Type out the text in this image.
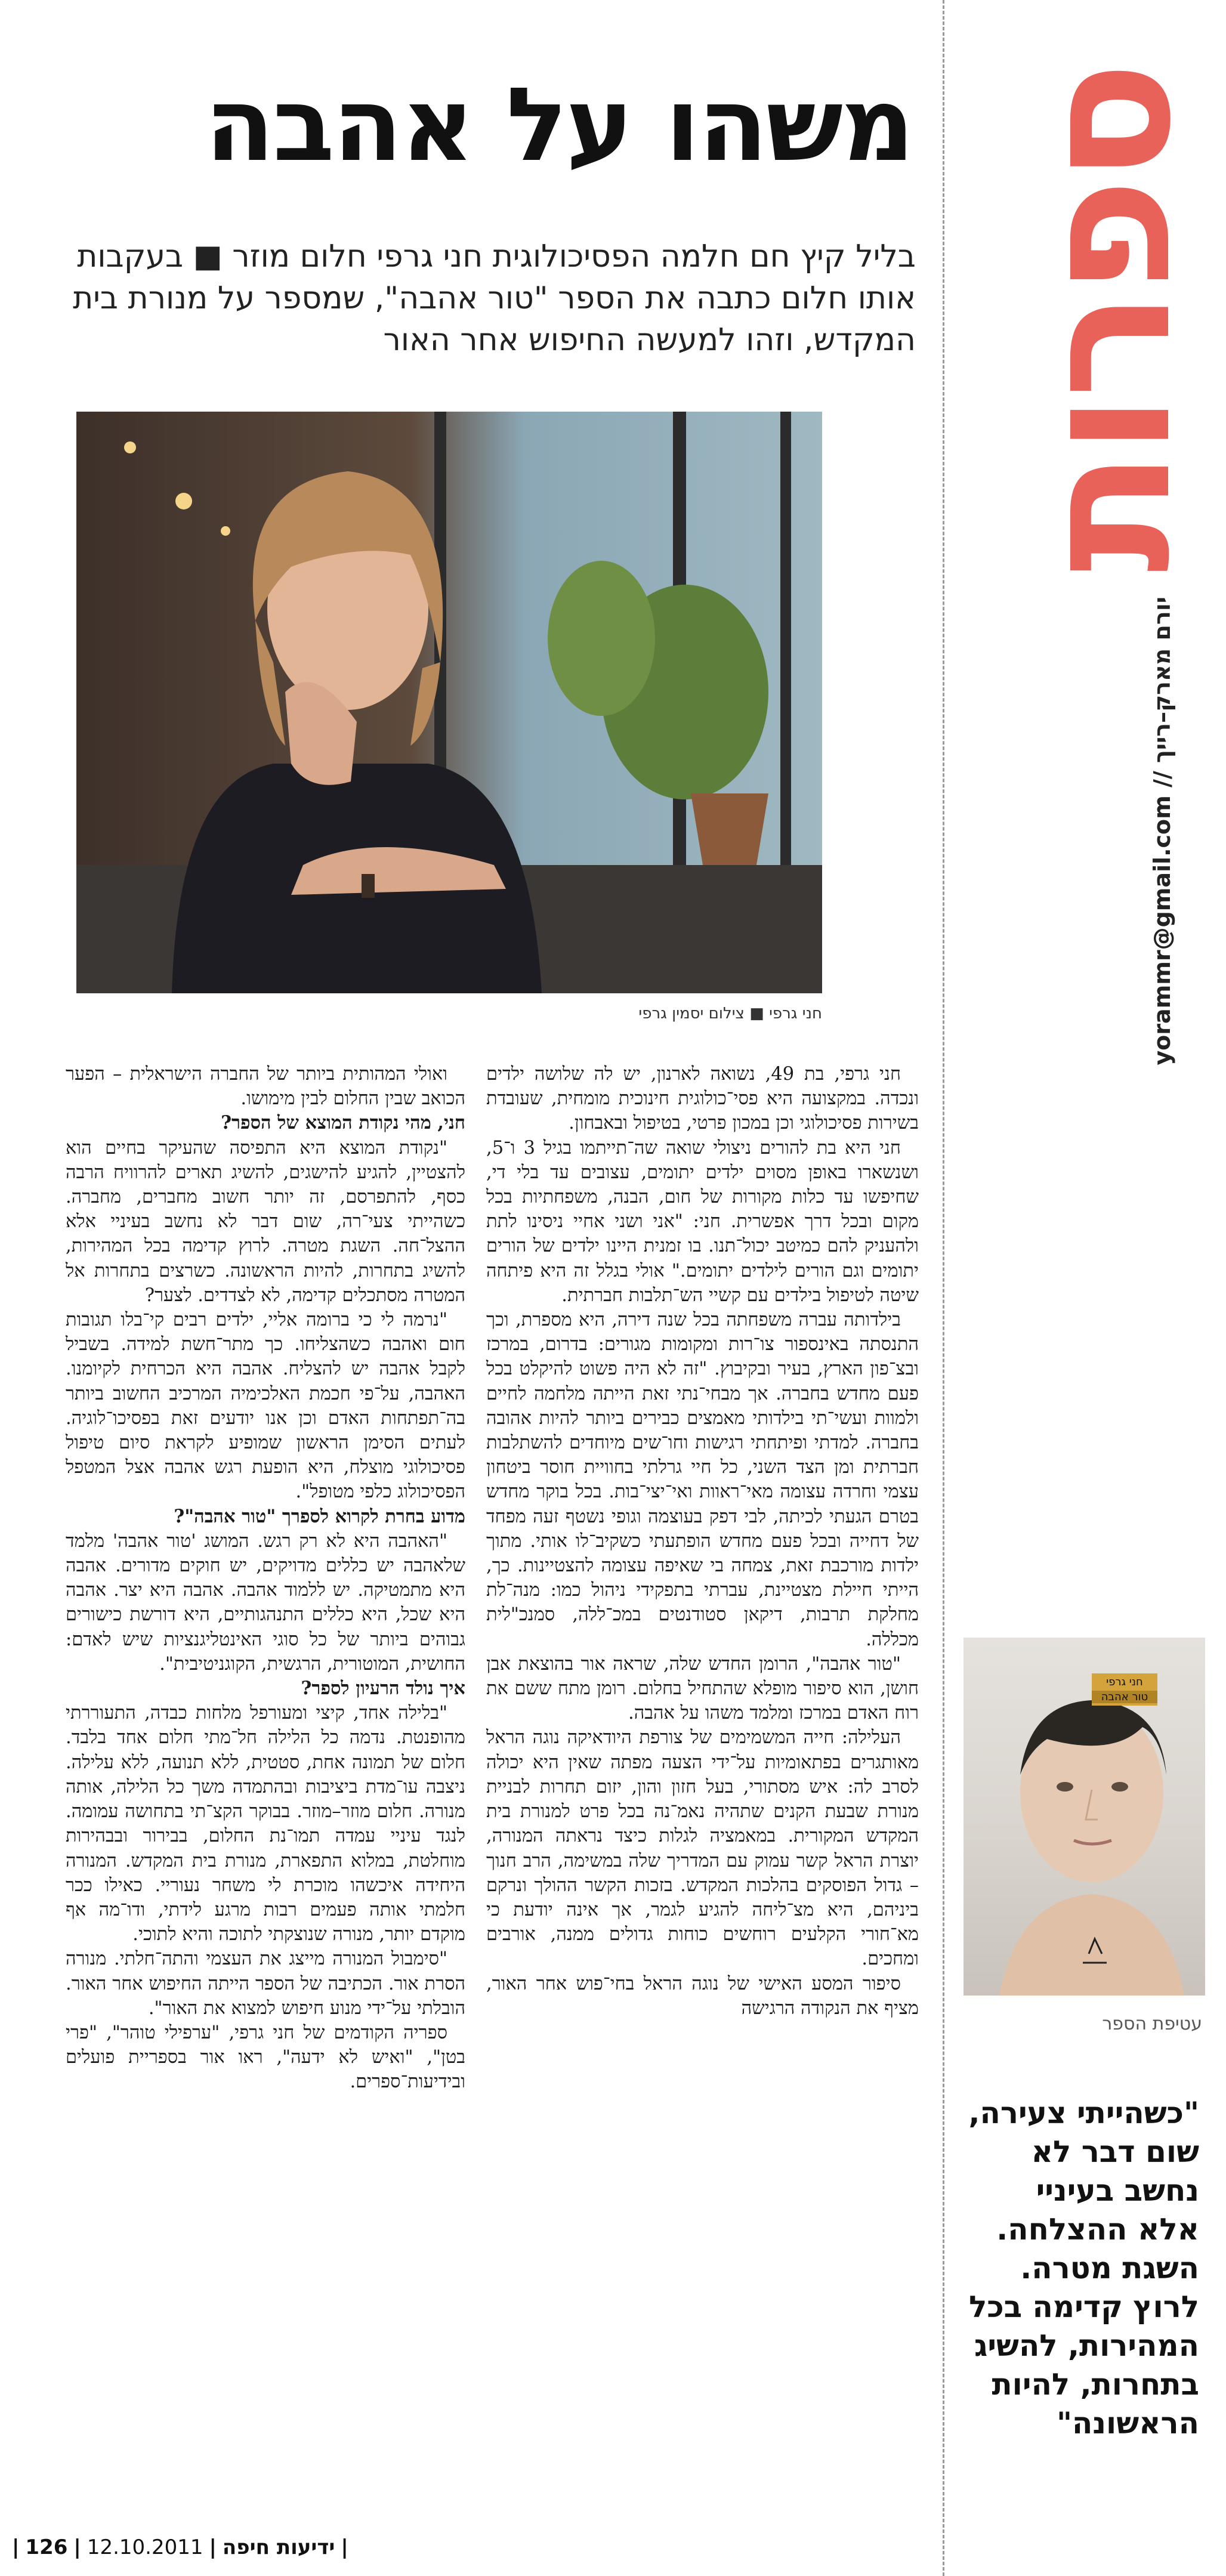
ספרות
יורם מארק–רייך // yorammr@gmail.com
חני גרפי
טור אהבה
עטיפת הספר
"כשהייתי צעירה, שום דבר לא נחשב בעיניי אלא ההצלחה. השגת מטרה. לרוץ קדימה בכל המהירות, להשיג בתחרות, להיות הראשונה"
משהו על אהבה
בליל קיץ חם חלמה הפסיכולוגית חני גרפי חלום מוזר ■ בעקבות אותו חלום כתבה את הספר "טור אהבה", שמספר על מנורת בית המקדש, וזהו למעשה החיפוש אחר האור
חני גרפי ■ צילום יסמין גרפי

חני גרפי, בת 49, נשואה לארנון, יש לה שלושה ילדים ונכדה. במקצועה היא פסי־כולוגית חינוכית מומחית, שעובדת בשירות פסיכולוגי וכן במכון פרטי, בטיפול ובאבחון.

חני היא בת להורים ניצולי שואה שה־תייתמו בגיל 3 ו־5, ושנשארו באופן מסוים ילדים יתומים, עצובים עד בלי די, שחיפשו עד כלות מקורות של חום, הבנה, משפחתיות בכל מקום ובכל דרך אפשרית. חני: "אני ושני אחיי ניסינו לתת ולהעניק להם כמיטב יכול־תנו. בו זמנית היינו ילדים של הורים יתומים וגם הורים לילדים יתומים." אולי בגלל זה היא פיתחה שיטה לטיפול בילדים עם קשיי הש־תלבות חברתית.

בילדותה עברה משפחתה בכל שנה דירה, היא מספרת, וכך התנסתה באינספור צו־רות ומקומות מגורים: בדרום, במרכז ובצ־פון הארץ, בעיר ובקיבוץ. "זה לא היה פשוט להיקלט בכל פעם מחדש בחברה. אך מבחי־נתי זאת הייתה מלחמה לחיים ולמוות ועשי־תי בילדותי מאמצים כבירים ביותר להיות אהובה בחברה. למדתי ופיתחתי רגישות וחו־שים מיוחדים להשתלבות חברתית ומן הצד השני, כל חיי גרלתי בחוויית חוסר ביטחון עצמי וחרדה עצומה מאי־ראוות ואי־יצי־בות. בכל בוקר מחדש בטרם הגעתי לכיתה, לבי דפק בעוצמה וגופי נשטף זעה מפחד של דחייה ובכל פעם מחדש הופתעתי כשקיב־לו אותי. מתוך ילדות מורכבת זאת, צמחה בי שאיפה עצומה להצטיינות. כך, הייתי חיילת מצטיינת, עברתי בתפקידי ניהול כמו: מנה־לת מחלקת תרבות, דיקאן סטודנטים במכ־ללה, סמנכ"לית מכללה.

"טור אהבה", הרומן החדש שלה, שראה אור בהוצאת אבן חושן, הוא סיפור מופלא שהתחיל בחלום. רומן מתח ששם את רוח האדם במרכז ומלמד משהו על אהבה.

העלילה: חייה המשמימים של צורפת היודאיקה נוגה הראל מאותגרים בפתאומיות על־ידי הצעה מפתה שאין היא יכולה לסרב לה: איש מסתורי, בעל חזון והון, יזום תחרות לבניית מנורת שבעת הקנים שתהיה נאמ־נה בכל פרט למנורת בית המקדש המקורית. במאמציה לגלות כיצד נראתה המנורה, יוצרת הראל קשר עמוק עם המדריך שלה במשימה, הרב חנוך – גדול הפוסקים בהלכות המקדש. בזכות הקשר ההולך ונרקם ביניהם, היא מצ־ליחה להגיע לגמר, אך אינה יודעת כי מא־חורי הקלעים רוחשים כוחות גדולים ממנה, אורבים ומחכים.

סיפור המסע האישי של נוגה הראל בחי־פוש אחר האור, מציף את הנקודה הרגישה

ואולי המהותית ביותר של החברה הישראלית – הפער הכואב שבין החלום לבין מימושו.

חני, מהי נקודת המוצא של הספר?

"נקודת המוצא היא התפיסה שהעיקר בחיים הוא להצטיין, להגיע להישגים, להשיג תארים להרוויח הרבה כסף, להתפרסם, זה יותר חשוב מחברים, מחברה. כשהייתי צעי־רה, שום דבר לא נחשב בעיניי אלא ההצל־חה. השגת מטרה. לרוץ קדימה בכל המהירות, להשיג בתחרות, להיות הראשונה. כשרצים בתחרות אל המטרה מסתכלים קדימה, לא לצדדים. לצער?

"נרמה לי כי ברומה אליי, ילדים רבים קי־בלו תגובות חום ואהבה כשהצליחו. כך מתר־חשת למידה. בשביל לקבל אהבה יש להצליח. אהבה היא הכרחית לקיומנו. האהבה, על־פי חכמת האלכימיה המרכיב החשוב ביותר בה־תפתחות האדם וכן אנו יודעים זאת בפסיכו־לוגיה. לעתים הסימן הראשון שמופיע לקראת סיום טיפול פסיכולוגי מוצלח, היא הופעת רגש אהבה אצל המטפל הפסיכולוג כלפי מטופל".

מדוע בחרת לקרוא לספרך "טור אהבה"?

"האהבה היא לא רק רגש. המושג 'טור אהבה' מלמד שלאהבה יש כללים מדויקים, יש חוקים מדורים. אהבה היא מתמטיקה. יש ללמוד אהבה. אהבה היא יצר. אהבה היא שכל, היא כללים התנהגותיים, היא דורשת כישורים גבוהים ביותר של כל סוגי האינטליגנציות שיש לאדם: החושית, המוטורית, הרגשית, הקוגניטיבית".

איך נולד הרעיון לספר?

"בלילה אחד, קיצי ומעורפל מלחות כבדה, התעוררתי מהופנטת. נדמה כל הלילה חל־מתי חלום אחד בלבד. חלום של תמונה אחת, סטטית, ללא תנועה, ללא עלילה. ניצבה עו־מדת ביציבות ובהתמדה משך כל הלילה, אותה מנורה. חלום מוזר–מוזר. בבוקר הקצ־תי בתחושה עמומה. לנגד עיניי עמדה תמו־נת החלום, בבירור ובבהירות מוחלטת, במלוא התפארת, מנורת בית המקדש. המנורה היחידה איכשהו מוכרת לי משחר נעוריי. כאילו ככר חלמתי אותה פעמים רבות מרגע לידתי, ודו־מה אף מוקדם יותר, מנורה שנוצקתי לתוכה והיא לתוכי.

"סימבול המנורה מייצג את העצמי והתה־חלתי. מנורה הסרת אור. הכתיבה של הספר הייתה החיפוש אחר האור. הובלתי על־ידי מנוע חיפוש למצוא את האור".

ספריה הקודמים של חני גרפי, "ערפילי טוהר", "פרי בטן", "ואיש לא ידעה", ראו אור בספריית פועלים ובידיעות־ספרים.

| 126 | 12.10.2011 | ידיעות חיפה |
